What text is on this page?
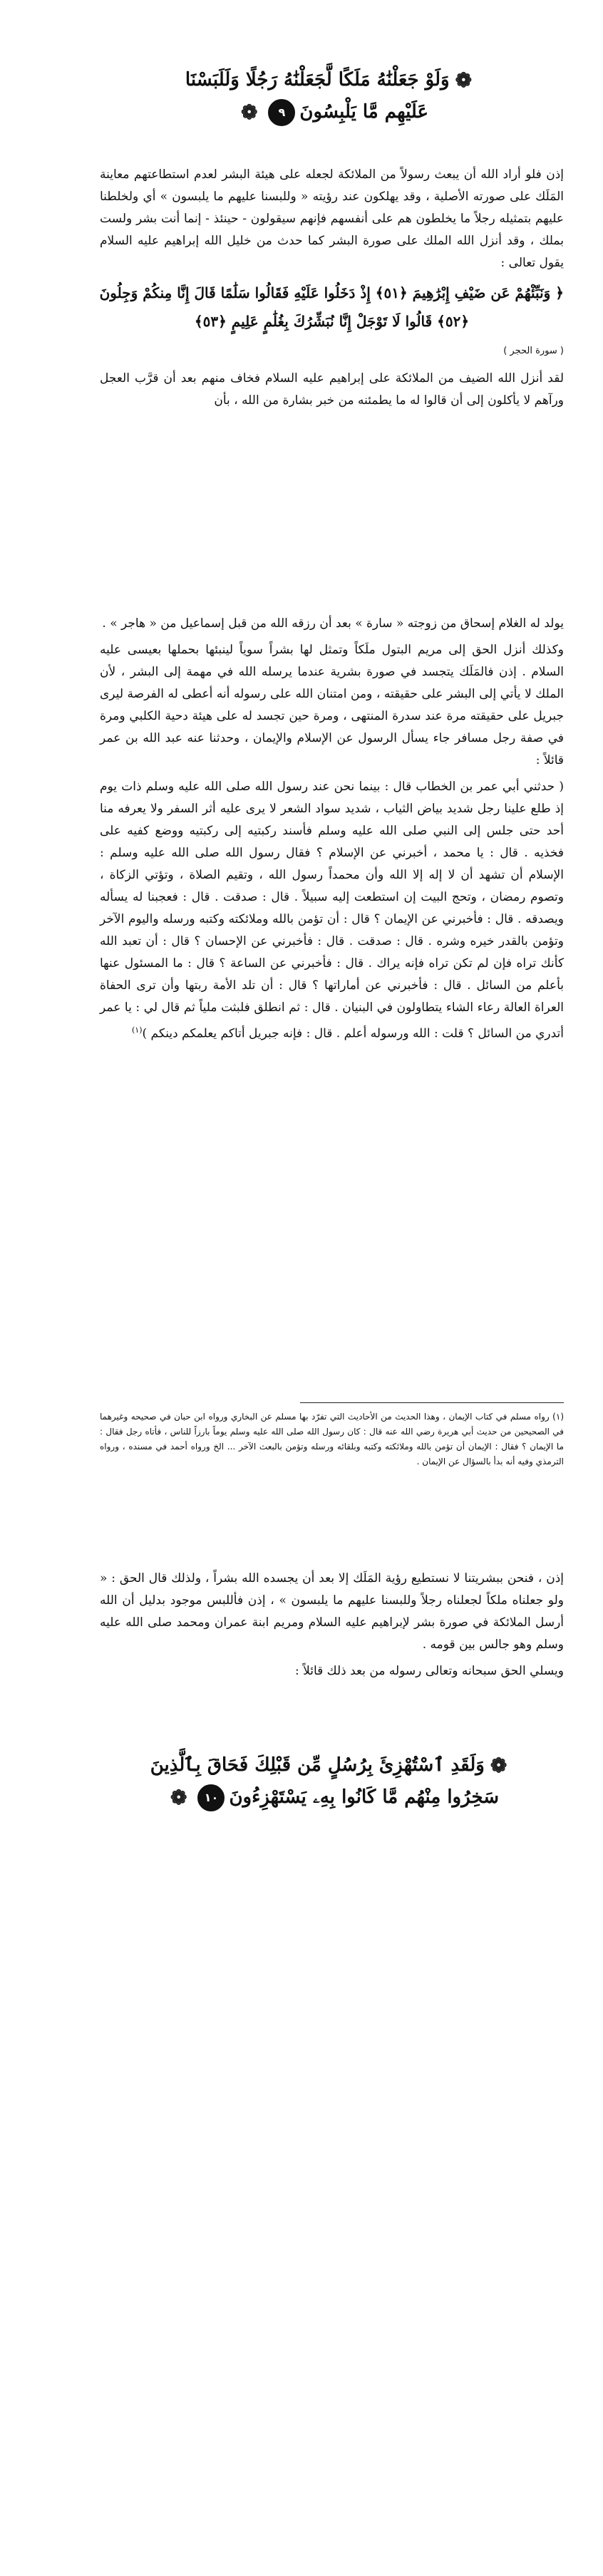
❁وَلَوْ جَعَلْنَٰهُ مَلَكًا لَّجَعَلْنَٰهُ رَجُلًا وَلَلَبَسْنَا
عَلَيْهِم مَّا يَلْبِسُونَ٩❁

إذن فلو أراد الله أن يبعث رسولاً من الملائكة لجعله على هيئة البشر لعدم استطاعتهم معاينة المَلَك على صورته الأصلية ، وقد يهلكون عند رؤيته « وللبسنا عليهم ما يلبسون » أي ولخلطنا عليهم بتمثيله رجلاً ما يخلطون هم على أنفسهم فإنهم سيقولون - حينئذ - إنما أنت بشر ولست بملك ، وقد أنزل الله الملك على صورة البشر كما حدث من خليل الله إبراهيم عليه السلام يقول تعالى :

﴿ وَنَبِّئْهُمْ عَن ضَيْفِ إِبْرَٰهِيمَ ﴿٥١﴾ إِذْ دَخَلُوا عَلَيْهِ فَقَالُوا سَلَٰمًا قَالَ إِنَّا مِنكُمْ وَجِلُونَ
﴿٥٢﴾ قَالُوا لَا تَوْجَلْ إِنَّا نُبَشِّرُكَ بِغُلَٰمٍ عَلِيمٍ ﴿٥٣﴾
( سورة الحجر )

لقد أنزل الله الضيف من الملائكة على إبراهيم عليه السلام فخاف منهم بعد أن قرَّب العجل ورآهم لا يأكلون إلى أن قالوا له ما يطمئنه من خبر بشارة من الله ، بأن

يولد له الغلام إسحاق من زوجته « سارة » بعد أن رزقه الله من قبل إسماعيل من « هاجر » .

وكذلك أنزل الحق إلى مريم البتول ملَكاً وتمثل لها بشراً سوياً لينبئها بحملها بعيسى عليه السلام . إذن فالمَلَك يتجسد في صورة بشرية عندما يرسله الله في مهمة إلى البشر ، لأن الملك لا يأتي إلى البشر على حقيقته ، ومن امتنان الله على رسوله أنه أعطى له الفرصة ليرى جبريل على حقيقته مرة عند سدرة المنتهى ، ومرة حين تجسد له على هيئة دحية الكلبي ومرة في صفة رجل مسافر جاء يسأل الرسول عن الإسلام والإيمان ، وحدثنا عنه عبد الله بن عمر قائلاً :

( حدثني أبي عمر بن الخطاب قال : بينما نحن عند رسول الله صلى الله عليه وسلم ذات يوم إذ طلع علينا رجل شديد بياض الثياب ، شديد سواد الشعر لا يرى عليه أثر السفر ولا يعرفه منا أحد حتى جلس إلى النبي صلى الله عليه وسلم فأسند ركبتيه إلى ركبتيه ووضع كفيه على فخذيه . قال : يا محمد ، أخبرني عن الإسلام ؟ فقال رسول الله صلى الله عليه وسلم : الإسلام أن تشهد أن لا إله إلا الله وأن محمداً رسول الله ، وتقيم الصلاة ، وتؤتي الزكاة ، وتصوم رمضان ، وتحج البيت إن استطعت إليه سبيلاً . قال : صدقت . قال : فعجبنا له يسأله ويصدقه . قال : فأخبرني عن الإيمان ؟ قال : أن تؤمن بالله وملائكته وكتبه ورسله واليوم الآخر وتؤمن بالقدر خيره وشره . قال : صدقت . قال : فأخبرني عن الإحسان ؟ قال : أن تعبد الله كأنك تراه فإن لم تكن تراه فإنه يراك . قال : فأخبرني عن الساعة ؟ قال : ما المسئول عنها بأعلم من السائل . قال : فأخبرني عن أماراتها ؟ قال : أن تلد الأمة ربتها وأن ترى الحفاة العراة العالة رعاء الشاء يتطاولون في البنيان . قال : ثم انطلق فلبثت ملياً ثم قال لي : يا عمر أتدري من السائل ؟ قلت : الله ورسوله أعلم . قال : فإنه جبريل أتاكم يعلمكم دينكم )$^{(١)}$

(١) رواه مسلم في كتاب الإيمان ، وهذا الحديث من الأحاديث التي تفرّد بها مسلم عن البخاري ورواه ابن حبان في صحيحه وغيرهما في الصحيحين من حديث أبي هريرة رضي الله عنه قال : كان رسول الله صلى الله عليه وسلم يوماً بارزاً للناس ، فأتاه رجل فقال : ما الإيمان ؟ فقال : الإيمان أن تؤمن بالله وملائكته وكتبه وبلقائه ورسله وتؤمن بالبعث الآخر ... الخ ورواه أحمد في مسنده ، ورواه الترمذي وفيه أنه بدأ بالسؤال عن الإيمان .

إذن ، فنحن ببشريتنا لا نستطيع رؤية المَلَك إلا بعد أن يجسده الله بشراً ، ولذلك قال الحق : « ولو جعلناه ملكاً لجعلناه رجلاً وللبسنا عليهم ما يلبسون » ، إذن فأللبس موجود بدليل أن الله أرسل الملائكة في صورة بشر لإبراهيم عليه السلام ومريم ابنة عمران ومحمد صلى الله عليه وسلم وهو جالس بين قومه .

ويسلي الحق سبحانه وتعالى رسوله من بعد ذلك قائلاً :

❁وَلَقَدِ ٱسْتُهْزِئَ بِرُسُلٍ مِّن قَبْلِكَ فَحَاقَ بِٱلَّذِينَ
سَخِرُوا مِنْهُم مَّا كَانُوا بِهِۦ يَسْتَهْزِءُونَ١٠❁
